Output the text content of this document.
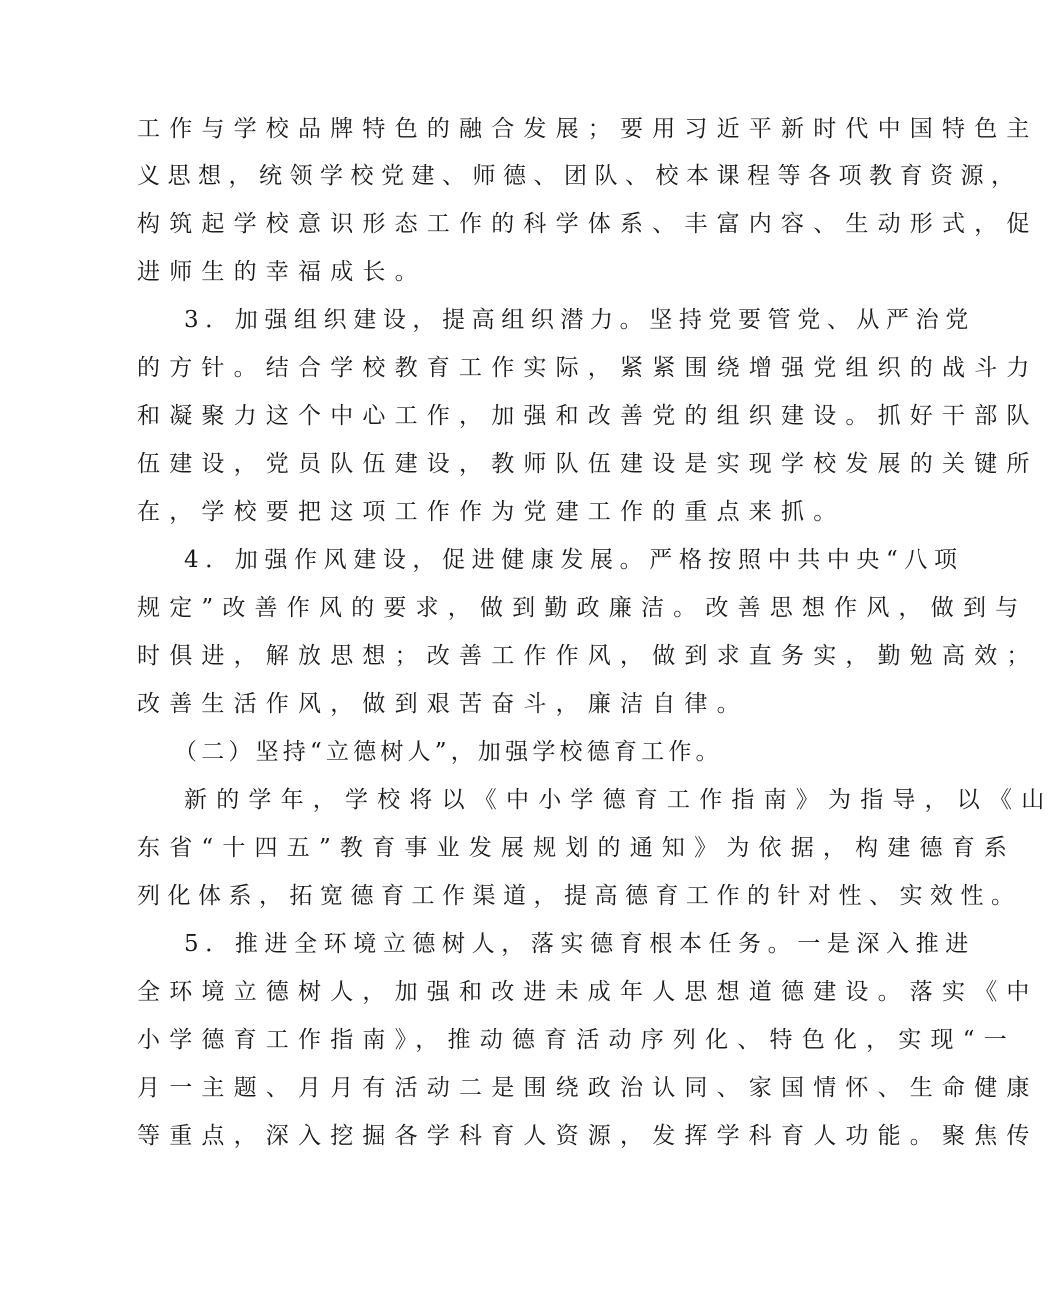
工作与学校品牌特色的融合发展；要用习近平新时代中国特色主
义思想，统领学校党建、师德、团队、校本课程等各项教育资源，
构筑起学校意识形态工作的科学体系、丰富内容、生动形式，促
进师生的幸福成长。
3．加强组织建设，提高组织潜力。坚持党要管党、从严治党
的方针。结合学校教育工作实际，紧紧围绕增强党组织的战斗力
和凝聚力这个中心工作，加强和改善党的组织建设。抓好干部队
伍建设，党员队伍建设，教师队伍建设是实现学校发展的关键所
在，学校要把这项工作作为党建工作的重点来抓。
4．加强作风建设，促进健康发展。严格按照中共中央“八项
规定”改善作风的要求，做到勤政廉洁。改善思想作风，做到与
时俱进，解放思想；改善工作作风，做到求直务实，勤勉高效；
改善生活作风，做到艰苦奋斗，廉洁自律。
（二）坚持“立德树人”，加强学校德育工作。
新的学年，学校将以《中小学德育工作指南》为指导，以《山
东省“十四五”教育事业发展规划的通知》为依据，构建德育系
列化体系，拓宽德育工作渠道，提高德育工作的针对性、实效性。
5．推进全环境立德树人，落实德育根本任务。一是深入推进
全环境立德树人，加强和改进未成年人思想道德建设。落实《中
小学德育工作指南》，推动德育活动序列化、特色化，实现“一
月一主题、月月有活动二是围绕政治认同、家国情怀、生命健康
等重点，深入挖掘各学科育人资源，发挥学科育人功能。聚焦传
